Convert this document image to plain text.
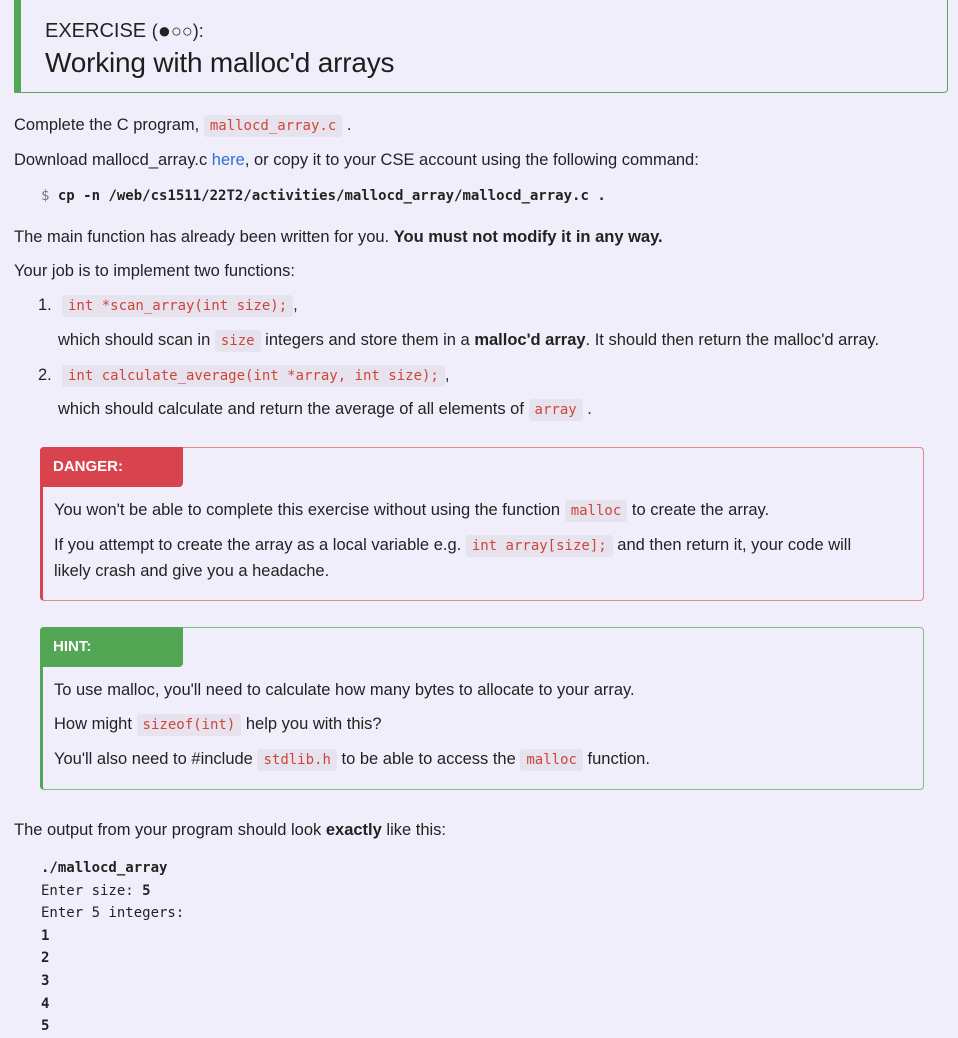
EXERCISE (●○○):
Working with malloc'd arrays
Complete the C program, mallocd_array.c .
Download mallocd_array.c here, or copy it to your CSE account using the following command:
$ cp -n /web/cs1511/22T2/activities/mallocd_array/mallocd_array.c .
The main function has already been written for you. You must not modify it in any way.
Your job is to implement two functions:
1.	int *scan_array(int size); ,
which should scan in size integers and store them in a malloc'd array. It should then return the malloc'd array.
2.	int calculate_average(int *array, int size); ,
which should calculate and return the average of all elements of array .
DANGER:
You won't be able to complete this exercise without using the function malloc to create the array.
If you attempt to create the array as a local variable e.g. int array[size]; and then return it, your code will
likely crash and give you a headache.
HINT:
To use malloc, you'll need to calculate how many bytes to allocate to your array.
How might sizeof(int) help you with this?
You'll also need to #include stdlib.h to be able to access the malloc function.
The output from your program should look exactly like this:
./mallocd_array
Enter size: 5
Enter 5 integers:
1
2
3
4
5
